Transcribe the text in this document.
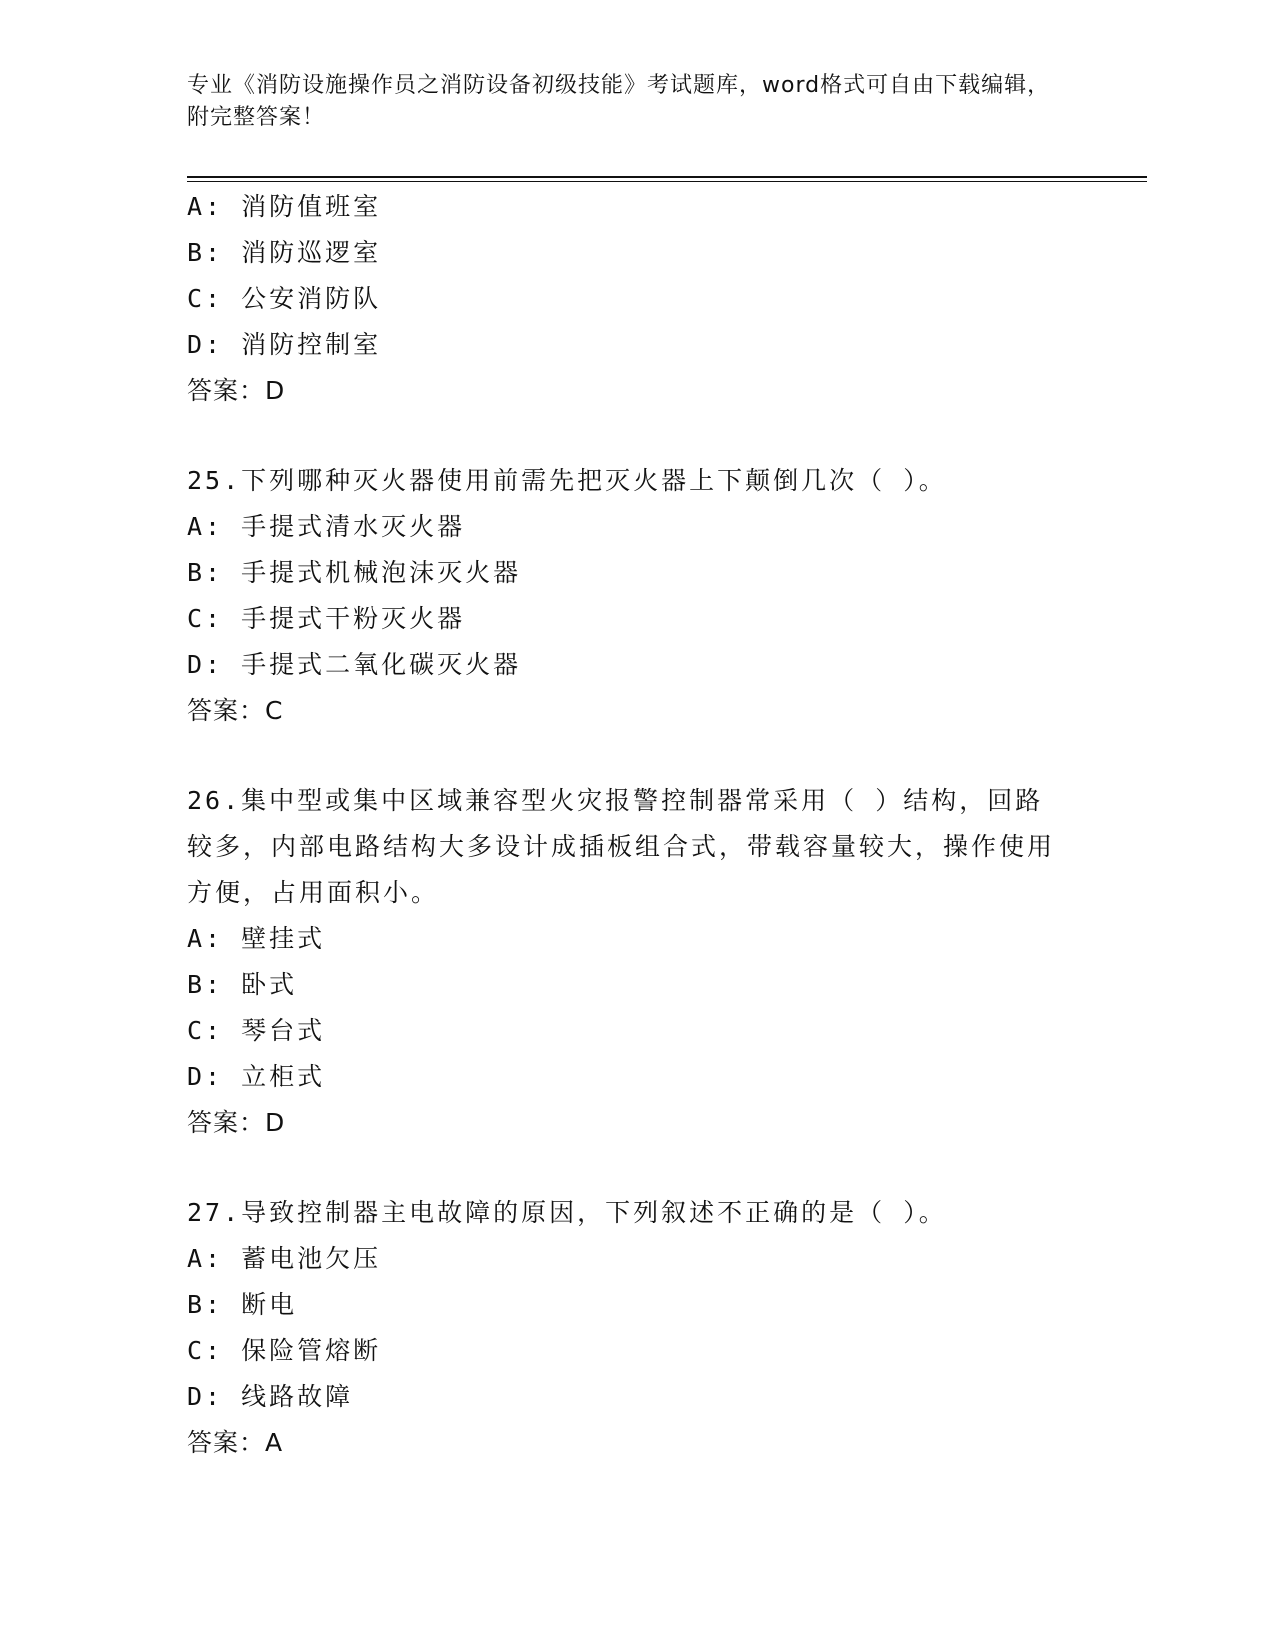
专业《消防设施操作员之消防设备初级技能》考试题库，word格式可自由下载编辑，附完整答案！

A: 消防值班室
B: 消防巡逻室
C: 公安消防队
D: 消防控制室
答案：D
25.下列哪种灭火器使用前需先把灭火器上下颠倒几次（ ）。
A: 手提式清水灭火器
B: 手提式机械泡沫灭火器
C: 手提式干粉灭火器
D: 手提式二氧化碳灭火器
答案：C
26.集中型或集中区域兼容型火灾报警控制器常采用（ ）结构，回路较多，内部电路结构大多设计成插板组合式，带载容量较大，操作使用方便，占用面积小。
A: 壁挂式
B: 卧式
C: 琴台式
D: 立柜式
答案：D
27.导致控制器主电故障的原因，下列叙述不正确的是（ ）。
A: 蓄电池欠压
B: 断电
C: 保险管熔断
D: 线路故障
答案：A
